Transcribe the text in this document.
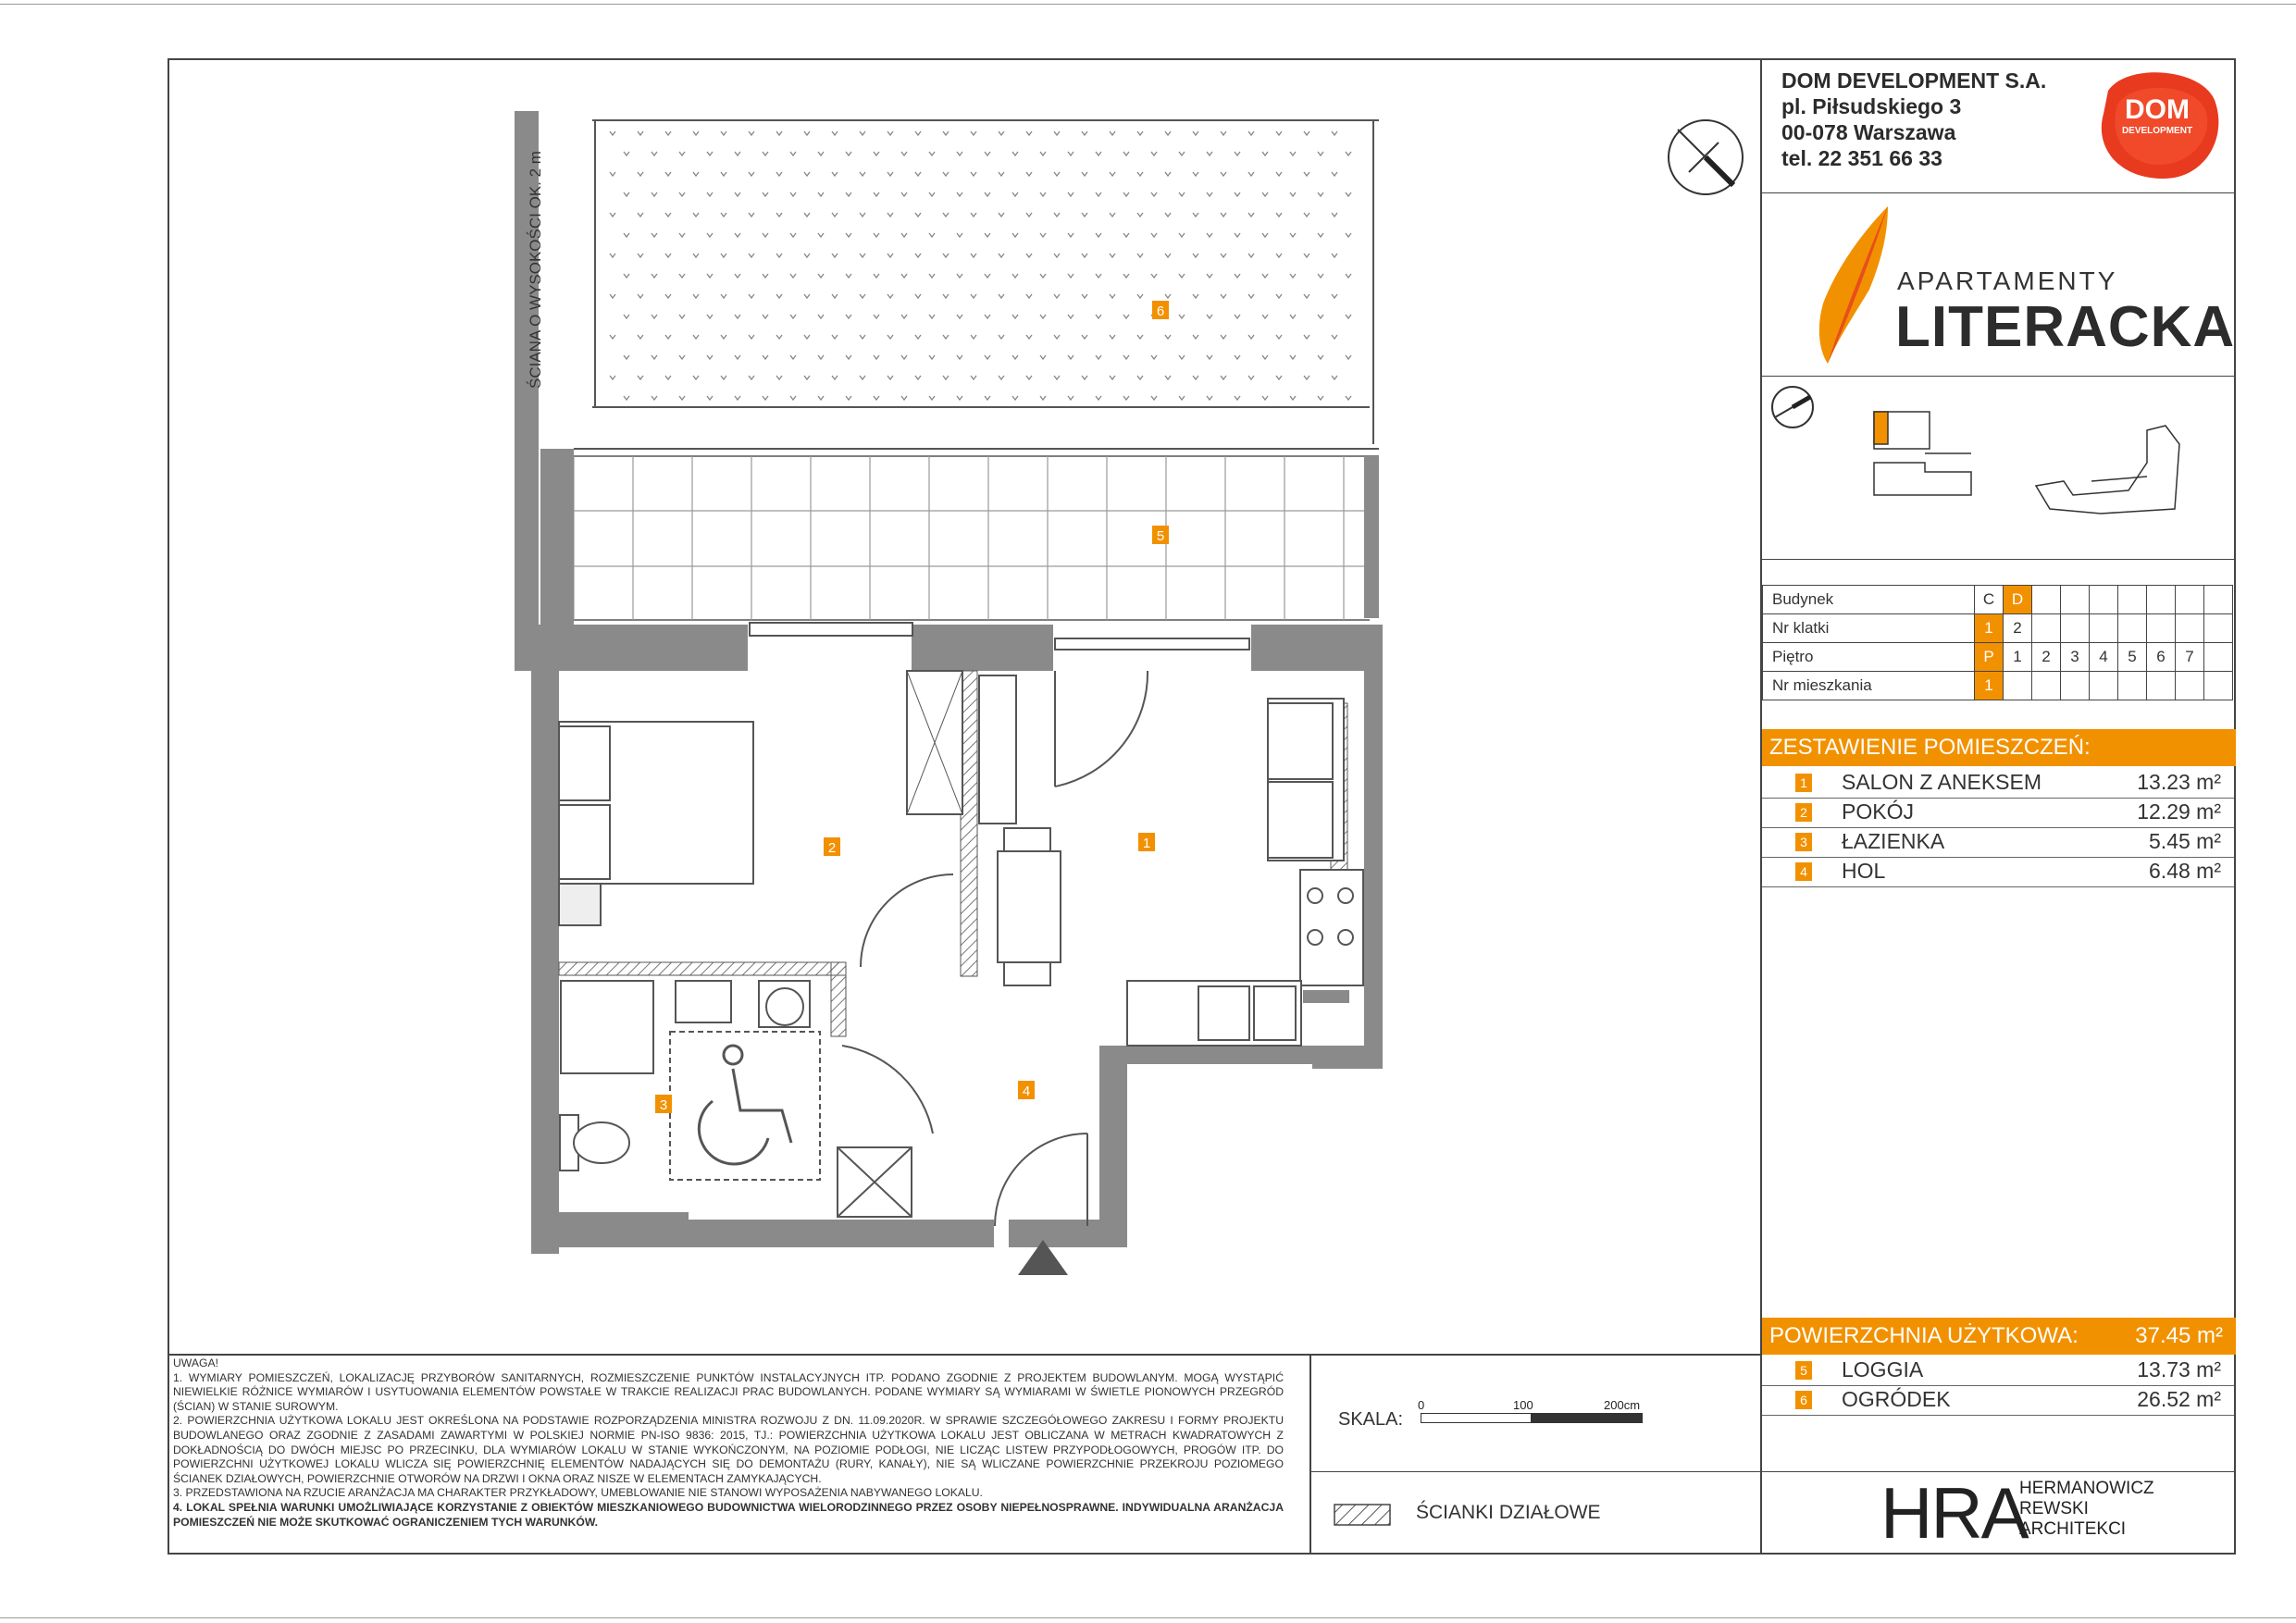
ŚCIANA O WYSOKOŚCI OK. 2 m
1
2
3
4
5
6
DOM DEVELOPMENT S.A.
pl. Piłsudskiego 3
00-078 Warszawa
tel. 22 351 66 33
DOM
DEVELOPMENT
APARTAMENTY
LITERACKA
Budynek	C	D							
Nr klatki	1	2							
Piętro	P	1	2	3	4	5	6	7	
Nr mieszkania	1								
ZESTAWIENIE POMIESZCZEŃ:
1 SALON Z ANEKSEM	13.23 m²
2 POKÓJ	12.29 m²
3 ŁAZIENKA	5.45 m²
4 HOL	6.48 m²
POWIERZCHNIA UŻYTKOWA:	37.45 m²
5 LOGGIA	13.73 m²
6 OGRÓDEK	26.52 m²
HRA
HERMANOWICZ
REWSKI
ARCHITEKCI

UWAGA!

1. WYMIARY POMIESZCZEŃ, LOKALIZACJĘ PRZYBORÓW SANITARNYCH, ROZMIESZCZENIE PUNKTÓW INSTALACYJNYCH ITP. PODANO ZGODNIE Z PROJEKTEM BUDOWLANYM. MOGĄ WYSTĄPIĆ NIEWIELKIE RÓŻNICE WYMIARÓW I USYTUOWANIA ELEMENTÓW POWSTAŁE W TRAKCIE REALIZACJI PRAC BUDOWLANYCH. PODANE WYMIARY SĄ WYMIARAMI W ŚWIETLE PIONOWYCH PRZEGRÓD (ŚCIAN) W STANIE SUROWYM.

2. POWIERZCHNIA UŻYTKOWA LOKALU JEST OKREŚLONA NA PODSTAWIE ROZPORZĄDZENIA MINISTRA ROZWOJU Z DN. 11.09.2020R. W SPRAWIE SZCZEGÓŁOWEGO ZAKRESU I FORMY PROJEKTU BUDOWLANEGO ORAZ ZGODNIE Z ZASADAMI ZAWARTYMI W POLSKIEJ NORMIE PN-ISO 9836: 2015, TJ.: POWIERZCHNIA UŻYTKOWA LOKALU JEST OBLICZANA W METRACH KWADRATOWYCH Z DOKŁADNOŚCIĄ DO DWÓCH MIEJSC PO PRZECINKU, DLA WYMIARÓW LOKALU W STANIE WYKOŃCZONYM, NA POZIOMIE PODŁOGI, NIE LICZĄC LISTEW PRZYPODŁOGOWYCH, PROGÓW ITP. DO POWIERZCHNI UŻYTKOWEJ LOKALU WLICZA SIĘ POWIERZCHNIĘ ELEMENTÓW NADAJĄCYCH SIĘ DO DEMONTAŻU (RURY, KANAŁY), NIE SĄ WLICZANE POWIERZCHNIE PRZEKROJU POZIOMEGO ŚCIANEK DZIAŁOWYCH, POWIERZCHNIE OTWORÓW NA DRZWI I OKNA ORAZ NISZE W ELEMENTACH ZAMYKAJĄCYCH.

3. PRZEDSTAWIONA NA RZUCIE ARANŻACJA MA CHARAKTER PRZYKŁADOWY, UMEBLOWANIE NIE STANOWI WYPOSAŻENIA NABYWANEGO LOKALU.

4. LOKAL SPEŁNIA WARUNKI UMOŻLIWIAJĄCE KORZYSTANIE Z OBIEKTÓW MIESZKANIOWEGO BUDOWNICTWA WIELORODZINNEGO PRZEZ OSOBY NIEPEŁNOSPRAWNE. INDYWIDUALNA ARANŻACJA POMIESZCZEŃ NIE MOŻE SKUTKOWAĆ OGRANICZENIEM TYCH WARUNKÓW.

SKALA:
0	100	200cm
ŚCIANKI DZIAŁOWE
